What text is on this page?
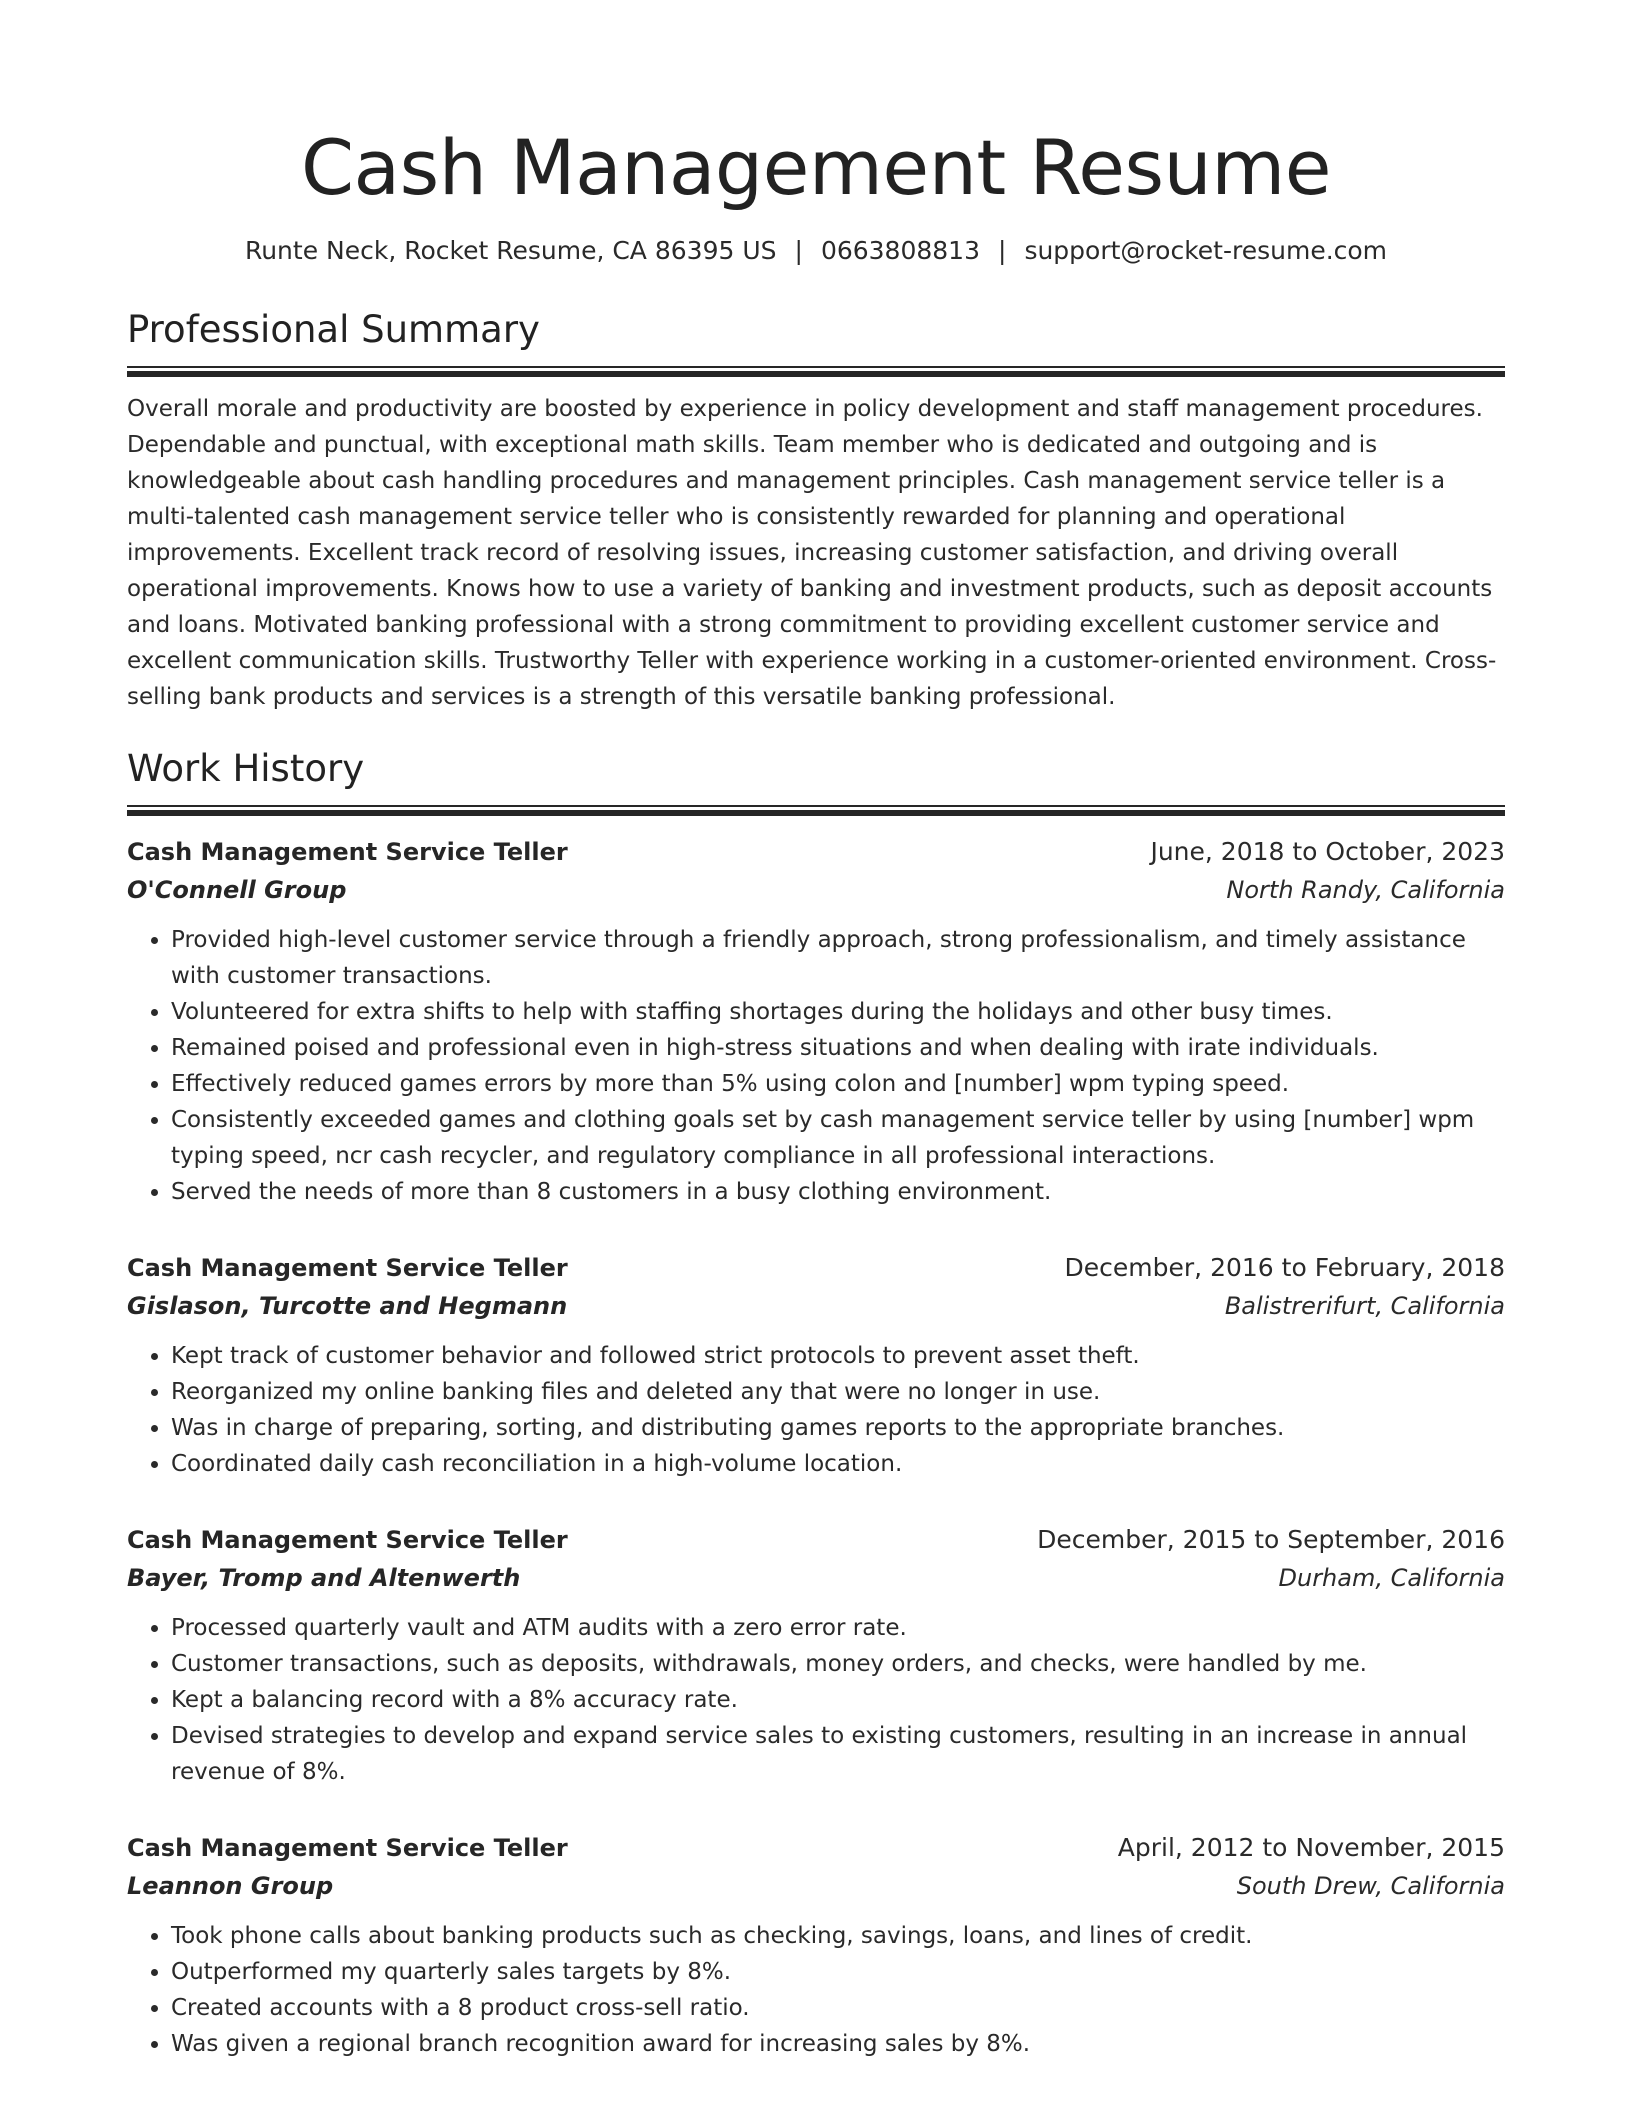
Cash Management Resume
Runte Neck, Rocket Resume, CA 86395 US | 0663808813 | support@rocket-resume.com
Professional Summary

Overall morale and productivity are boosted by experience in policy development and staff management procedures. Dependable and punctual, with exceptional math skills. Team member who is dedicated and outgoing and is knowledgeable about cash handling procedures and management principles. Cash management service teller is a multi-talented cash management service teller who is consistently rewarded for planning and operational improvements. Excellent track record of resolving issues, increasing customer satisfaction, and driving overall operational improvements. Knows how to use a variety of banking and investment products, such as deposit accounts and loans. Motivated banking professional with a strong commitment to providing excellent customer service and excellent communication skills. Trustworthy Teller with experience working in a customer-oriented environment. Cross-selling bank products and services is a strength of this versatile banking professional.

Work History
Cash Management Service Teller	June, 2018 to October, 2023
O'Connell Group	North Randy, California
• Provided high-level customer service through a friendly approach, strong professionalism, and timely assistance with customer transactions.
• Volunteered for extra shifts to help with staffing shortages during the holidays and other busy times.
• Remained poised and professional even in high-stress situations and when dealing with irate individuals.
• Effectively reduced games errors by more than 5% using colon and [number] wpm typing speed.
• Consistently exceeded games and clothing goals set by cash management service teller by using [number] wpm typing speed, ncr cash recycler, and regulatory compliance in all professional interactions.
• Served the needs of more than 8 customers in a busy clothing environment.
Cash Management Service Teller	December, 2016 to February, 2018
Gislason, Turcotte and Hegmann	Balistrerifurt, California
• Kept track of customer behavior and followed strict protocols to prevent asset theft.
• Reorganized my online banking files and deleted any that were no longer in use.
• Was in charge of preparing, sorting, and distributing games reports to the appropriate branches.
• Coordinated daily cash reconciliation in a high-volume location.
Cash Management Service Teller	December, 2015 to September, 2016
Bayer, Tromp and Altenwerth	Durham, California
• Processed quarterly vault and ATM audits with a zero error rate.
• Customer transactions, such as deposits, withdrawals, money orders, and checks, were handled by me.
• Kept a balancing record with a 8% accuracy rate.
• Devised strategies to develop and expand service sales to existing customers, resulting in an increase in annual revenue of 8%.
Cash Management Service Teller	April, 2012 to November, 2015
Leannon Group	South Drew, California
• Took phone calls about banking products such as checking, savings, loans, and lines of credit.
• Outperformed my quarterly sales targets by 8%.
• Created accounts with a 8 product cross-sell ratio.
• Was given a regional branch recognition award for increasing sales by 8%.
